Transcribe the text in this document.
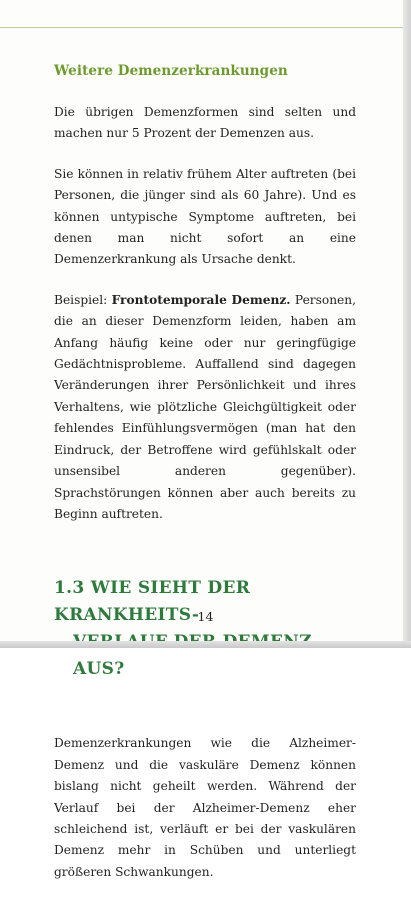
Weitere Demenzerkrankungen

Die übrigen Demenzformen sind selten und machen nur 5 Prozent der Demenzen aus.

Sie können in relativ frühem Alter auftreten (bei Personen, die jünger sind als 60 Jahre). Und es können untypische Symptome auftreten, bei denen man nicht sofort an eine Demenzerkrankung als Ursache denkt.

Beispiel: Frontotemporale Demenz. Personen, die an dieser Demenzform leiden, haben am Anfang häufig keine oder nur geringfügige Gedächtnisprobleme. Auffallend sind dagegen Veränderungen ihrer Persönlichkeit und ihres Verhaltens, wie plötzliche Gleichgültigkeit oder fehlendes Einfühlungsvermögen (man hat den Eindruck, der Betroffene wird gefühlskalt oder unsensibel anderen gegenüber). Sprachstörungen können aber auch bereits zu Beginn auftreten.

1.3 WIE SIEHT DER KRANKHEITS-
AUS?

Demenzerkrankungen wie die Alzheimer-Demenz und die vaskuläre Demenz können bislang nicht geheilt werden. Während der Verlauf bei der Alzheimer-Demenz eher schleichend ist, verläuft er bei der vaskulären Demenz mehr in Schüben und unterliegt größeren Schwankungen.

14
